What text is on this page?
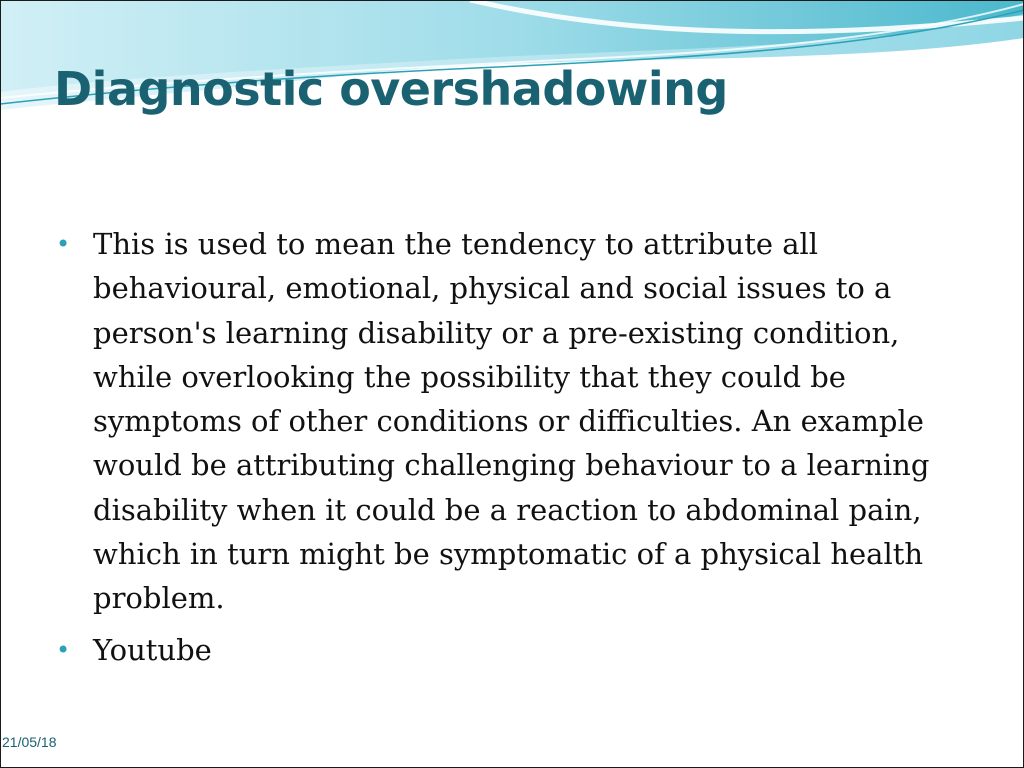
Diagnostic overshadowing
• This is used to mean the tendency to attribute all behavioural, emotional, physical and social issues to a person's learning disability or a pre-existing condition, while overlooking the possibility that they could be symptoms of other conditions or difficulties. An example would be attributing challenging behaviour to a learning disability when it could be a reaction to abdominal pain, which in turn might be symptomatic of a physical health problem.
• Youtube
21/05/18
